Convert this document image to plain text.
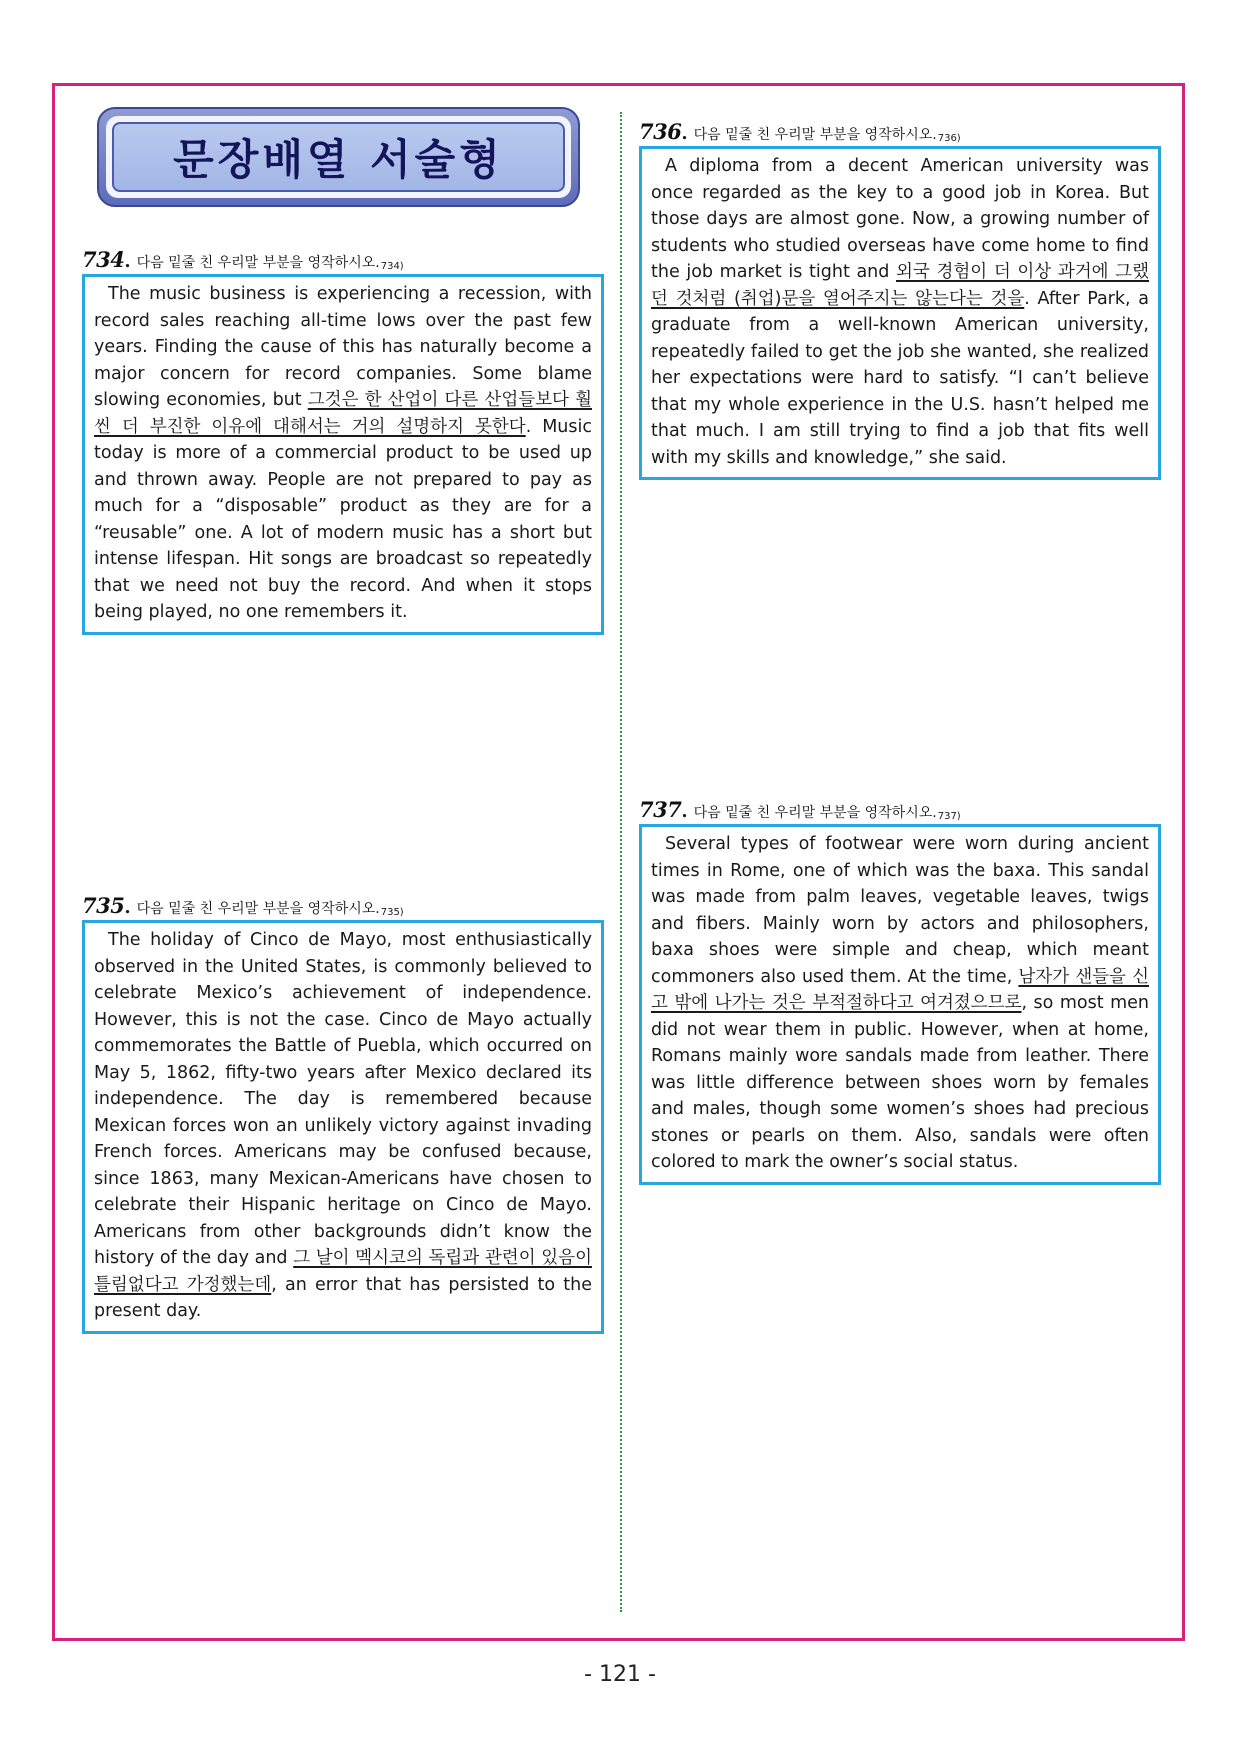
문장배열 서술형
734 . 다음 밑줄 친 우리말 부분을 영작하시오. 734)
The music business is experiencing a recession, with record sales reaching all-time lows over the past few years. Finding the cause of this has naturally become a major concern for record companies. Some blame slowing economies, but 그것은 한 산업이 다른 산업들보다 훨씬 더 부진한 이유에 대해서는 거의 설명하지 못한다. Music today is more of a commercial product to be used up and thrown away. People are not prepared to pay as much for a “disposable” product as they are for a “reusable” one. A lot of modern music has a short but intense lifespan. Hit songs are broadcast so repeatedly that we need not buy the record. And when it stops being played, no one remembers it.
735 . 다음 밑줄 친 우리말 부분을 영작하시오. 735)
The holiday of Cinco de Mayo, most enthusiastically observed in the United States, is commonly believed to celebrate Mexico’s achievement of independence. However, this is not the case. Cinco de Mayo actually commemorates the Battle of Puebla, which occurred on May 5, 1862, fifty-two years after Mexico declared its independence. The day is remembered because Mexican forces won an unlikely victory against invading French forces. Americans may be confused because, since 1863, many Mexican-Americans have chosen to celebrate their Hispanic heritage on Cinco de Mayo. Americans from other backgrounds didn’t know the history of the day and 그 날이 멕시코의 독립과 관련이 있음이 틀림없다고 가정했는데, an error that has persisted to the present day.
736 . 다음 밑줄 친 우리말 부분을 영작하시오. 736)
A diploma from a decent American university was once regarded as the key to a good job in Korea. But those days are almost gone. Now, a growing number of students who studied overseas have come home to find the job market is tight and 외국 경험이 더 이상 과거에 그랬던 것처럼 (취업)문을 열어주지는 않는다는 것을. After Park, a graduate from a well-known American university, repeatedly failed to get the job she wanted, she realized her expectations were hard to satisfy. “I can’t believe that my whole experience in the U.S. hasn’t helped me that much. I am still trying to find a job that fits well with my skills and knowledge,” she said.
737 . 다음 밑줄 친 우리말 부분을 영작하시오. 737)
Several types of footwear were worn during ancient times in Rome, one of which was the baxa. This sandal was made from palm leaves, vegetable leaves, twigs and fibers. Mainly worn by actors and philosophers, baxa shoes were simple and cheap, which meant commoners also used them. At the time, 남자가 샌들을 신고 밖에 나가는 것은 부적절하다고 여겨졌으므로, so most men did not wear them in public. However, when at home, Romans mainly wore sandals made from leather. There was little difference between shoes worn by females and males, though some women’s shoes had precious stones or pearls on them. Also, sandals were often colored to mark the owner’s social status.
- 121 -
